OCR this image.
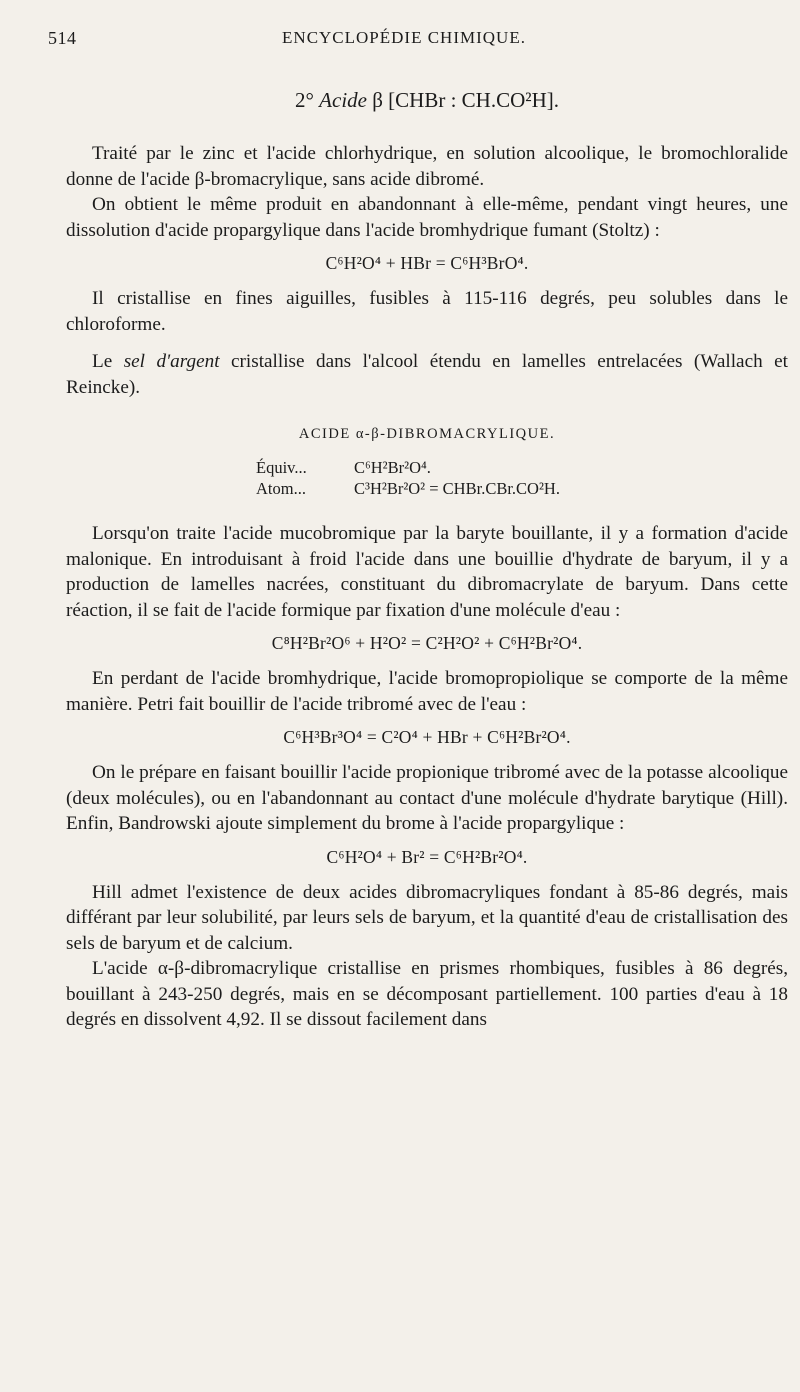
514	ENCYCLOPÉDIE CHIMIQUE.
2° Acide β [CHBr : CH.CO²H].

Traité par le zinc et l'acide chlorhydrique, en solution alcoolique, le bromochloralide donne de l'acide β-bromacrylique, sans acide dibromé.

On obtient le même produit en abandonnant à elle-même, pendant vingt heures, une dissolution d'acide propargylique dans l'acide bromhydrique fumant (Stoltz) :

C⁶H²O⁴ + HBr = C⁶H³BrO⁴.

Il cristallise en fines aiguilles, fusibles à 115-116 degrés, peu solubles dans le chloroforme.

Le sel d'argent cristallise dans l'alcool étendu en lamelles entrelacées (Wallach et Reincke).

ACIDE α-β-DIBROMACRYLIQUE.
Équiv...	C⁶H²Br²O⁴.
Atom...	C³H²Br²O² = CHBr.CBr.CO²H.

Lorsqu'on traite l'acide mucobromique par la baryte bouillante, il y a formation d'acide malonique. En introduisant à froid l'acide dans une bouillie d'hydrate de baryum, il y a production de lamelles nacrées, constituant du dibromacrylate de baryum. Dans cette réaction, il se fait de l'acide formique par fixation d'une molécule d'eau :

C⁸H²Br²O⁶ + H²O² = C²H²O² + C⁶H²Br²O⁴.

En perdant de l'acide bromhydrique, l'acide bromopropiolique se comporte de la même manière. Petri fait bouillir de l'acide tribromé avec de l'eau :

C⁶H³Br³O⁴ = C²O⁴ + HBr + C⁶H²Br²O⁴.

On le prépare en faisant bouillir l'acide propionique tribromé avec de la potasse alcoolique (deux molécules), ou en l'abandonnant au contact d'une molécule d'hydrate barytique (Hill). Enfin, Bandrowski ajoute simplement du brome à l'acide propargylique :

C⁶H²O⁴ + Br² = C⁶H²Br²O⁴.

Hill admet l'existence de deux acides dibromacryliques fondant à 85-86 degrés, mais différant par leur solubilité, par leurs sels de baryum, et la quantité d'eau de cristallisation des sels de baryum et de calcium.

L'acide α-β-dibromacrylique cristallise en prismes rhombiques, fusibles à 86 degrés, bouillant à 243-250 degrés, mais en se décomposant partiellement. 100 parties d'eau à 18 degrés en dissolvent 4,92. Il se dissout facilement dans
